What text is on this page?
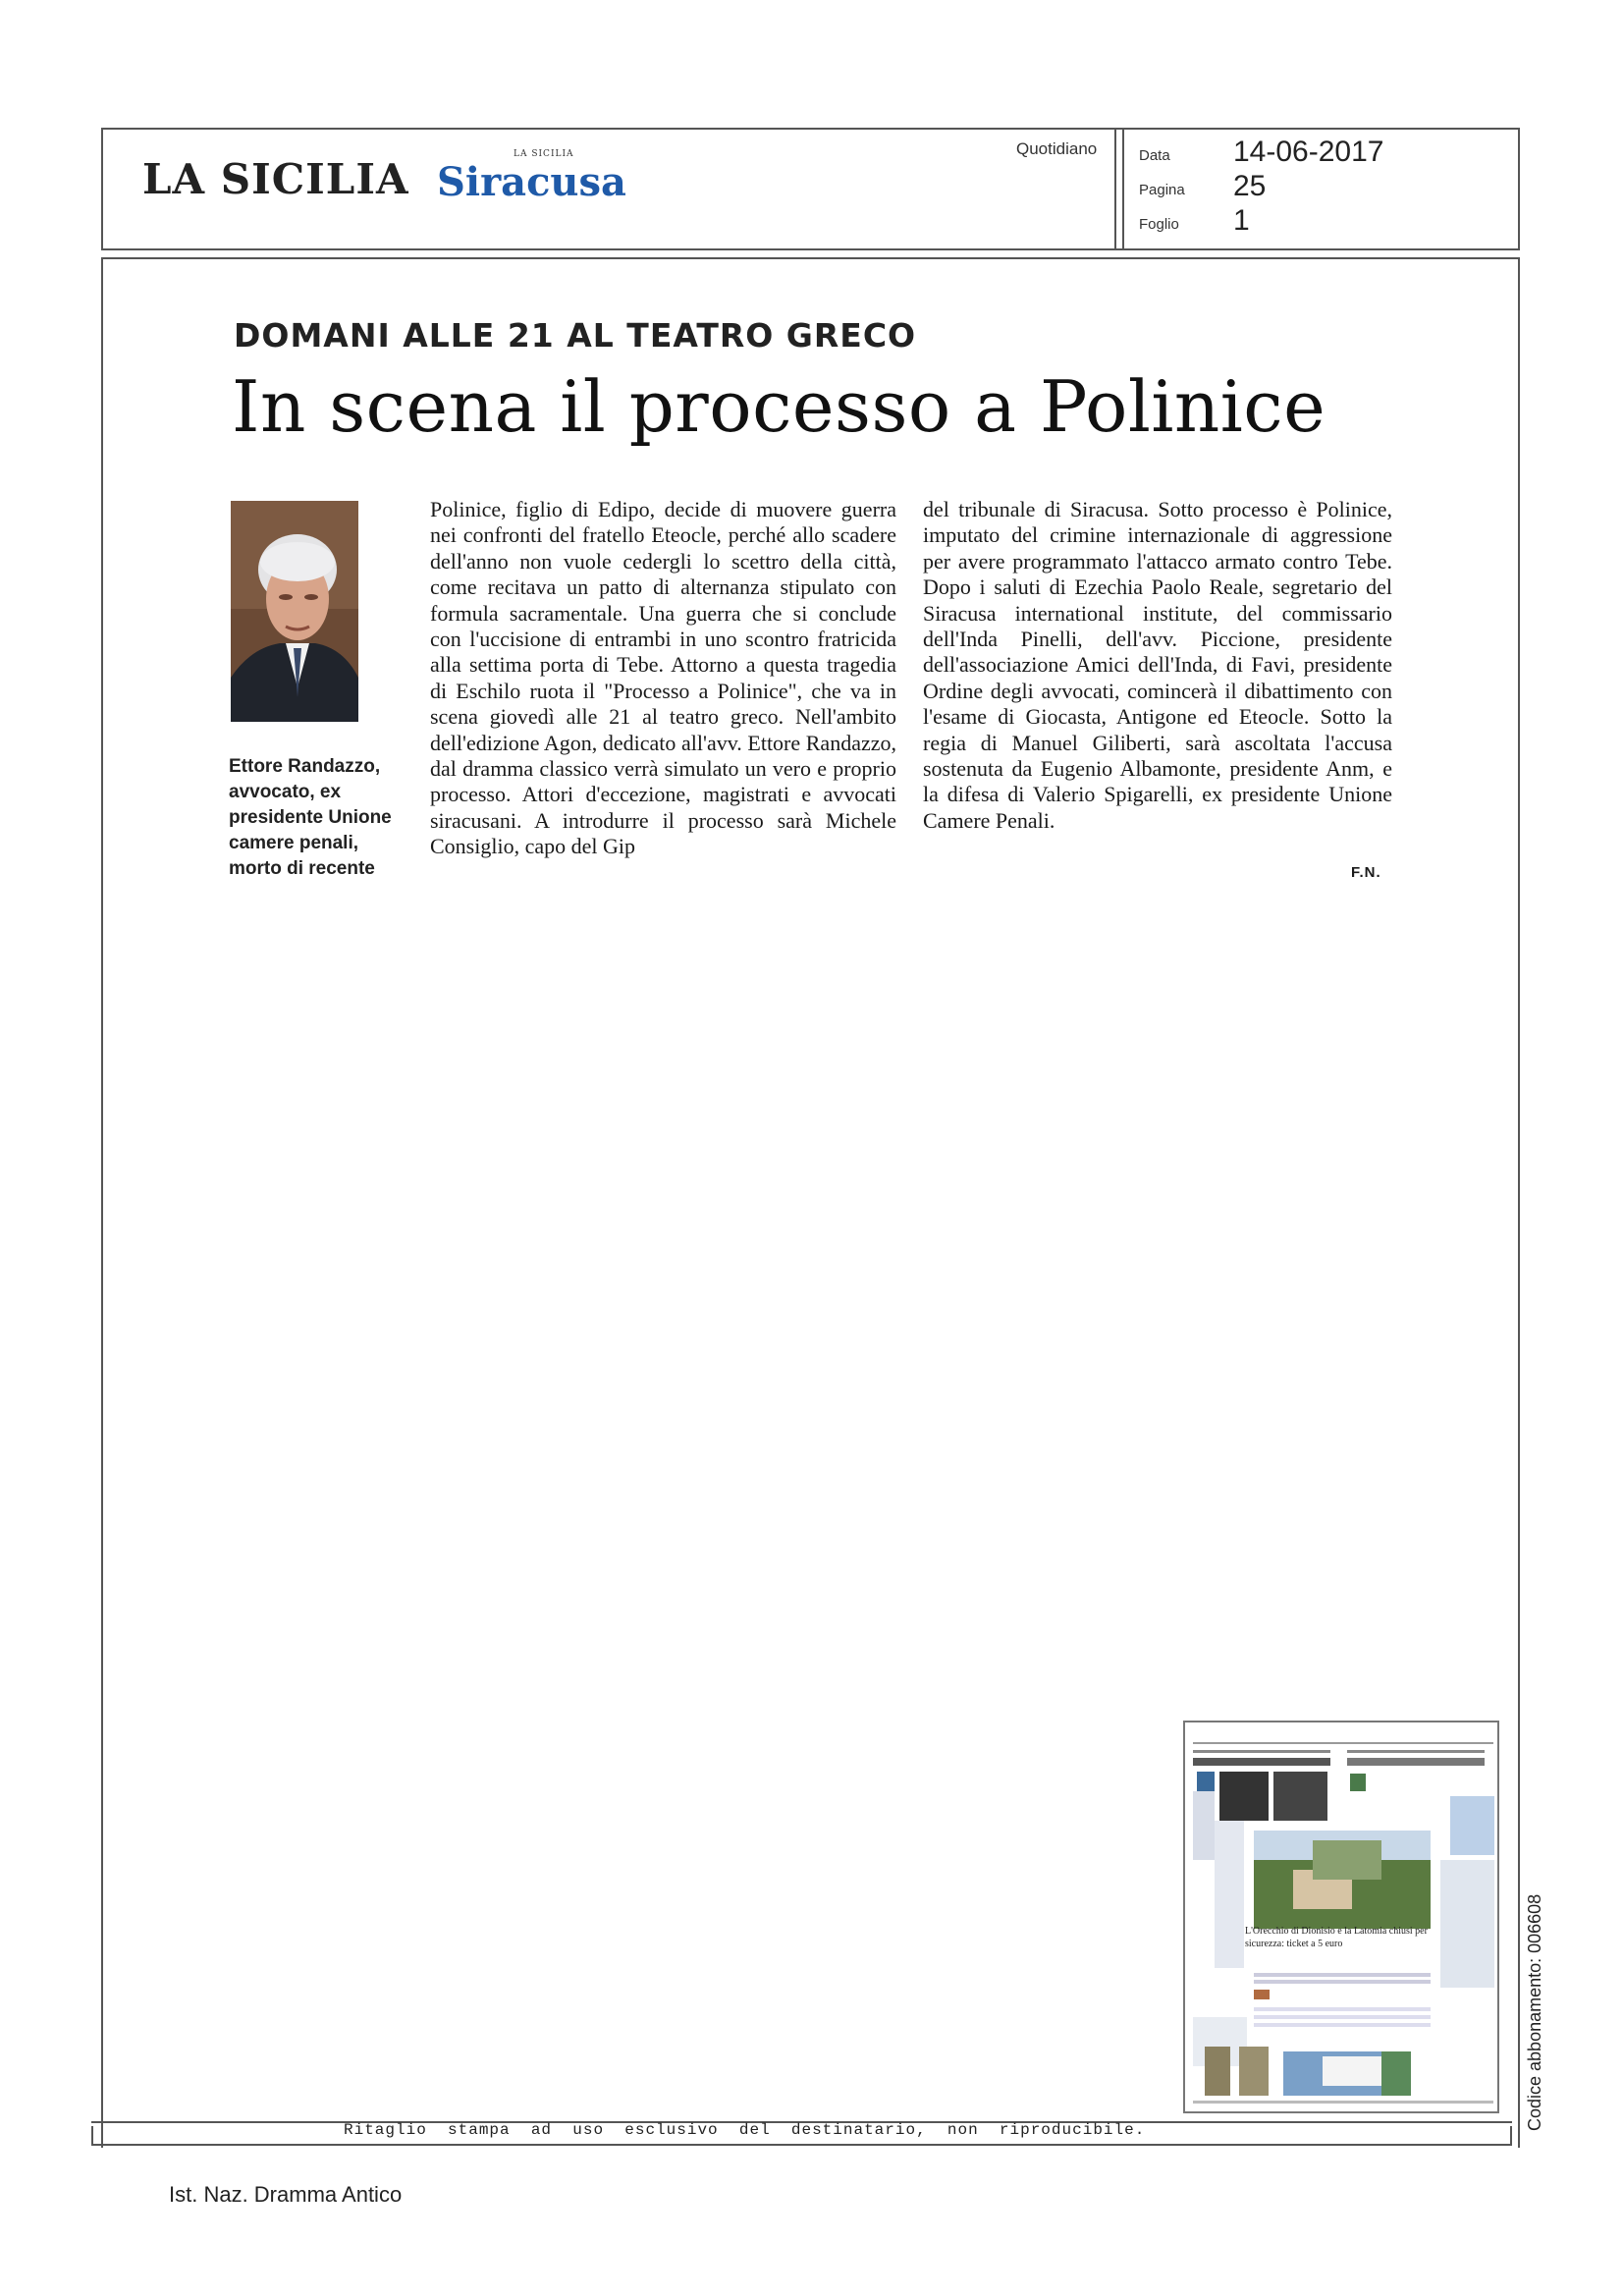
LA SICILIA
LA SICILIA
Siracusa
Quotidiano	Data 14-06-2017
Pagina 25
Foglio 1
DOMANI ALLE 21 AL TEATRO GRECO
In scena il processo a Polinice
Ettore Randazzo, avvocato, ex presidente Unione camere penali, morto di recente
Polinice, figlio di Edipo, decide di muovere guerra nei confronti del fratello Eteocle, perché allo scadere dell'anno non vuole cedergli lo scettro della città, come recitava un patto di alternanza stipulato con formula sacramentale. Una guerra che si conclude con l'uccisione di entrambi in uno scontro fratricida alla settima porta di Tebe. Attorno a questa tragedia di Eschilo ruota il "Processo a Polinice", che va in scena giovedì alle 21 al teatro greco. Nell'ambito dell'edizione Agon, dedicato all'avv. Ettore Randazzo, dal dramma classico verrà simulato un vero e proprio processo. Attori d'eccezione, magistrati e avvocati siracusani. A introdurre il processo sarà Michele Consiglio, capo del Gip
del tribunale di Siracusa. Sotto processo è Polinice, imputato del crimine internazionale di aggressione per avere programmato l'attacco armato contro Tebe. Dopo i saluti di Ezechia Paolo Reale, segretario del Siracusa international institute, del commissario dell'Inda Pinelli, dell'avv. Piccione, presidente dell'associazione Amici dell'Inda, di Favi, presidente Ordine degli avvocati, comincerà il dibattimento con l'esame di Giocasta, Antigone ed Eteocle. Sotto la regia di Manuel Giliberti, sarà ascoltata l'accusa sostenuta da Eugenio Albamonte, presidente Anm, e la difesa di Valerio Spigarelli, ex presidente Unione Camere Penali.
F.N.
L'Orecchio di Dionisio e la Latomia chiusi per sicurezza: ticket a 5 euro
Ritaglio  stampa  ad  uso  esclusivo  del  destinatario,  non  riproducibile.	Codice abbonamento: 006608
Ist. Naz. Dramma Antico
